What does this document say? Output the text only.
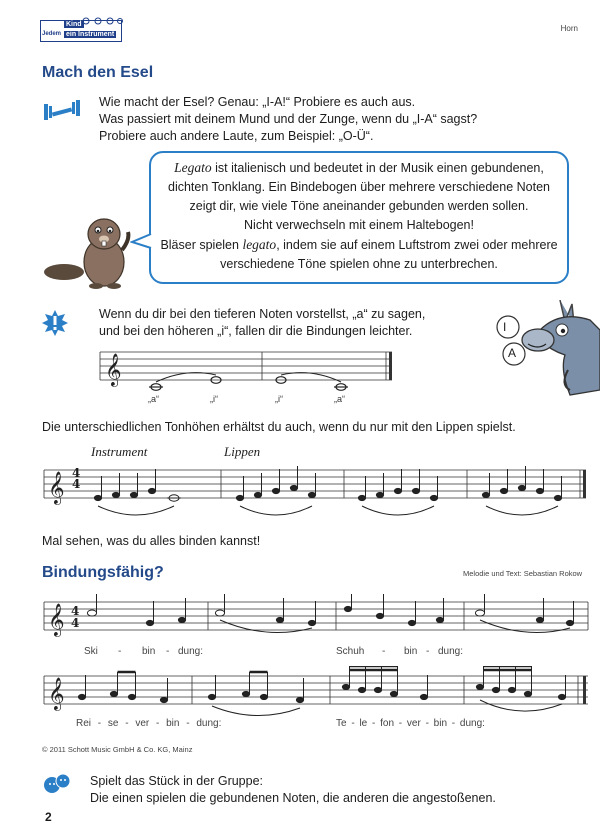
Jedem
Kind
ein Instrument
Horn
Mach den Esel
Wie macht der Esel? Genau: „I-A!“ Probiere es auch aus.
Was passiert mit deinem Mund und der Zunge, wenn du „I-A“ sagst?
Probiere auch andere Laute, zum Beispiel: „O-Ü“.
Legato ist italienisch und bedeutet in der Musik einen gebundenen,
dichten Tonklang. Ein Bindebogen über mehrere verschiedene Noten
zeigt dir, wie viele Töne aneinander gebunden werden sollen.
Nicht verwechseln mit einem Haltebogen!
Bläser spielen legato, indem sie auf einem Luftstrom zwei oder mehrere
verschiedene Töne spielen ohne zu unterbrechen.
Wenn du dir bei den tieferen Noten vorstellst, „a“ zu sagen,
und bei den höheren „i“, fallen dir die Bindungen leichter.	I
A
𝄞
„a“	„i“	„i“	„a“
Die unterschiedlichen Tonhöhen erhältst du auch, wenn du nur mit den Lippen spielst.
Instrument	Lippen
𝄞 4
4
Mal sehen, was du alles binden kannst!
Bindungsfähig?	Melodie und Text: Sebastian Rokow
𝄞 4
4
Ski - bin - dung:	Schuh - bin - dung:
𝄞
Rei - se - ver - bin - dung:	Te - le - fon - ver - bin - dung:
© 2011 Schott Music GmbH & Co. KG, Mainz
Spielt das Stück in der Gruppe:
Die einen spielen die gebundenen Noten, die anderen die angestoßenen.
2
